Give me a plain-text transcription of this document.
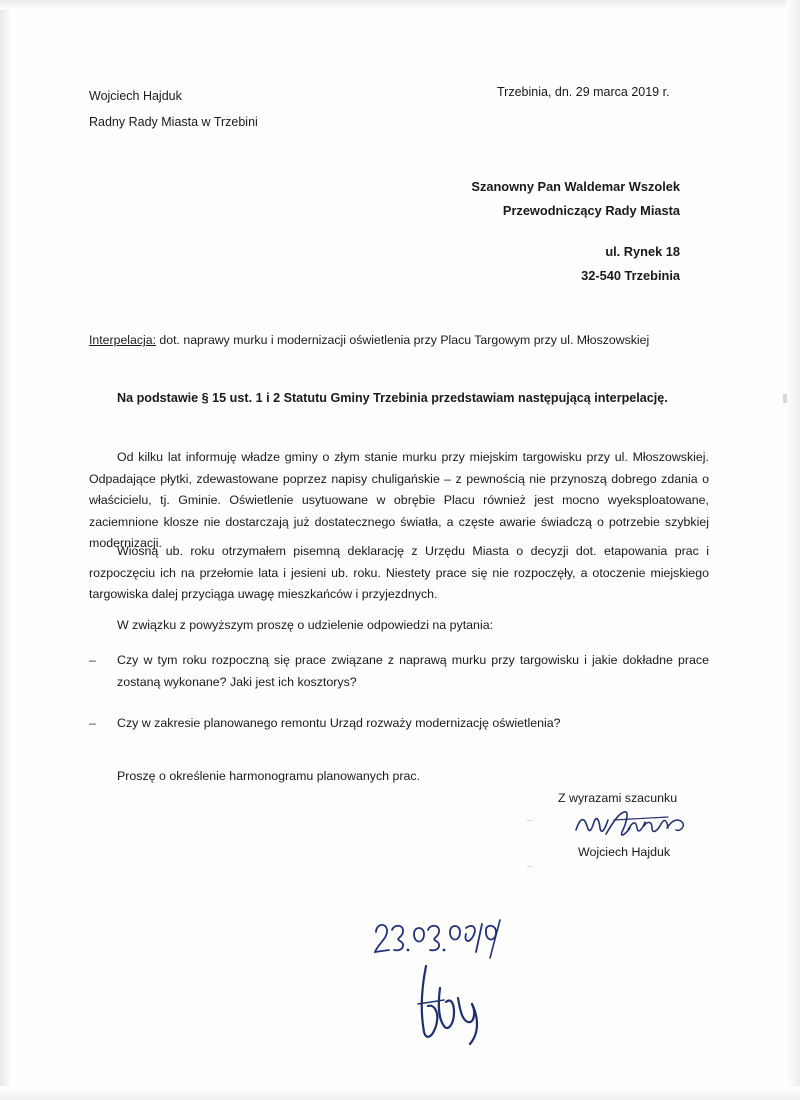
Wojciech Hajduk
Radny Rady Miasta w Trzebini
Trzebinia, dn. 29 marca 2019 r.
Szanowny Pan Waldemar Wszolek
Przewodniczący Rady Miasta
ul. Rynek 18
32-540 Trzebinia
Interpelacja: dot. naprawy murku i modernizacji oświetlenia przy Placu Targowym przy ul. Młoszowskiej
Na podstawie § 15 ust. 1 i 2 Statutu Gminy Trzebinia przedstawiam następującą interpelację.
Od kilku lat informuję władze gminy o złym stanie murku przy miejskim targowisku przy ul. Młoszowskiej. Odpadające płytki, zdewastowane poprzez napisy chuligańskie – z pewnością nie przynoszą dobrego zdania o właścicielu, tj. Gminie. Oświetlenie usytuowane w obrębie Placu również jest mocno wyeksploatowane, zaciemnione klosze nie dostarczają już dostatecznego światła, a częste awarie świadczą o potrzebie szybkiej modernizacji.
Wiosną ub. roku otrzymałem pisemną deklarację z Urzędu Miasta o decyzji dot. etapowania prac i rozpoczęciu ich na przełomie lata i jesieni ub. roku. Niestety prace się nie rozpoczęły, a otoczenie miejskiego targowiska dalej przyciąga uwagę mieszkańców i przyjezdnych.
W związku z powyższym proszę o udzielenie odpowiedzi na pytania:
– Czy w tym roku rozpoczną się prace związane z naprawą murku przy targowisku i jakie dokładne prace zostaną wykonane? Jaki jest ich kosztorys?
– Czy w zakresie planowanego remontu Urząd rozważy modernizację oświetlenia?
Proszę o określenie harmonogramu planowanych prac.
Z wyrazami szacunku
Wojciech Hajduk
